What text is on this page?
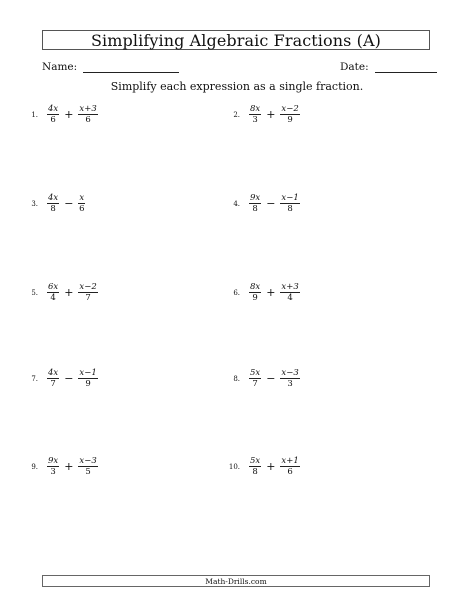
Simplifying Algebraic Fractions (A)
Name:	Date:
Simplify each expression as a single fraction.
1. $\frac{4x}{6} + \frac{x+3}{6}$	2. $\frac{8x}{3} + \frac{x-2}{9}$
3. $\frac{4x}{8} - \frac{x}{6}$	4. $\frac{9x}{8} - \frac{x-1}{8}$
5. $\frac{6x}{4} + \frac{x-2}{7}$	6. $\frac{8x}{9} + \frac{x+3}{4}$
7. $\frac{4x}{7} - \frac{x-1}{9}$	8. $\frac{5x}{7} - \frac{x-3}{3}$
9. $\frac{9x}{3} + \frac{x-3}{5}$	10. $\frac{5x}{8} + \frac{x+1}{6}$
Math-Drills.com
